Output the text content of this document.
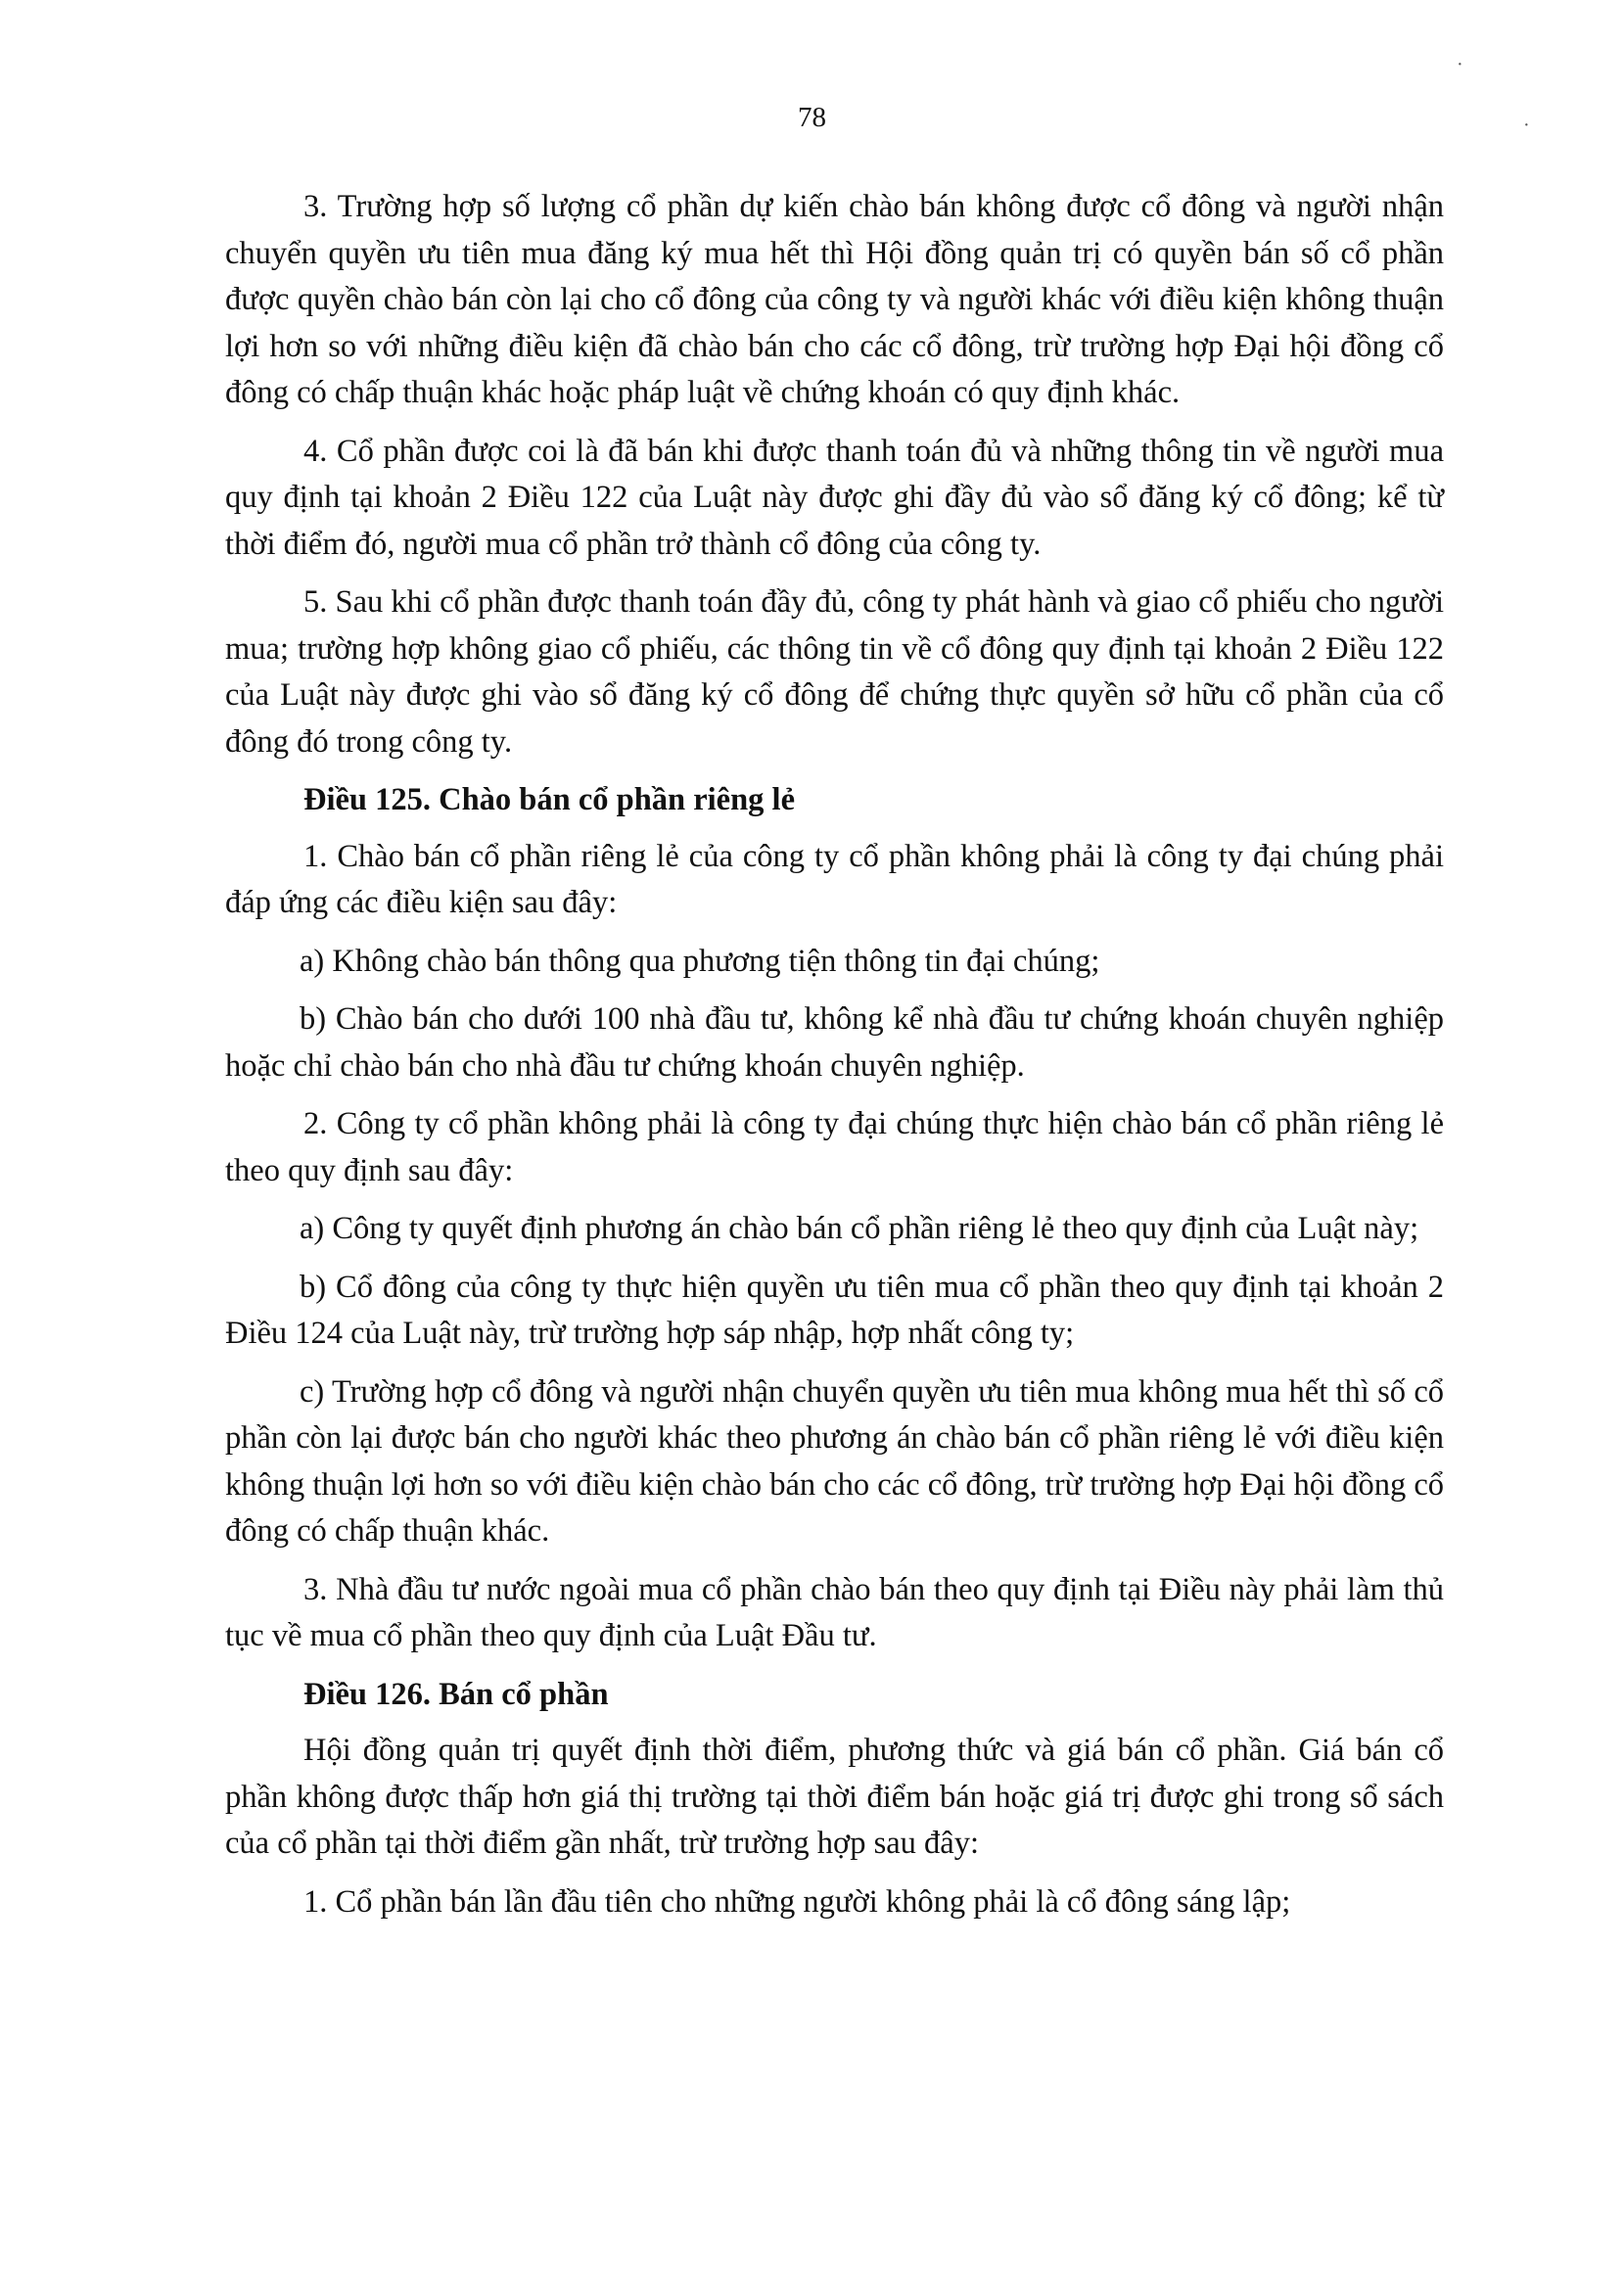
78

3. Trường hợp số lượng cổ phần dự kiến chào bán không được cổ đông và người nhận chuyển quyền ưu tiên mua đăng ký mua hết thì Hội đồng quản trị có quyền bán số cổ phần được quyền chào bán còn lại cho cổ đông của công ty và người khác với điều kiện không thuận lợi hơn so với những điều kiện đã chào bán cho các cổ đông, trừ trường hợp Đại hội đồng cổ đông có chấp thuận khác hoặc pháp luật về chứng khoán có quy định khác.

4. Cổ phần được coi là đã bán khi được thanh toán đủ và những thông tin về người mua quy định tại khoản 2 Điều 122 của Luật này được ghi đầy đủ vào sổ đăng ký cổ đông; kể từ thời điểm đó, người mua cổ phần trở thành cổ đông của công ty.

5. Sau khi cổ phần được thanh toán đầy đủ, công ty phát hành và giao cổ phiếu cho người mua; trường hợp không giao cổ phiếu, các thông tin về cổ đông quy định tại khoản 2 Điều 122 của Luật này được ghi vào sổ đăng ký cổ đông để chứng thực quyền sở hữu cổ phần của cổ đông đó trong công ty.

Điều 125. Chào bán cổ phần riêng lẻ

1. Chào bán cổ phần riêng lẻ của công ty cổ phần không phải là công ty đại chúng phải đáp ứng các điều kiện sau đây:

a) Không chào bán thông qua phương tiện thông tin đại chúng;

b) Chào bán cho dưới 100 nhà đầu tư, không kể nhà đầu tư chứng khoán chuyên nghiệp hoặc chỉ chào bán cho nhà đầu tư chứng khoán chuyên nghiệp.

2. Công ty cổ phần không phải là công ty đại chúng thực hiện chào bán cổ phần riêng lẻ theo quy định sau đây:

a) Công ty quyết định phương án chào bán cổ phần riêng lẻ theo quy định của Luật này;

b) Cổ đông của công ty thực hiện quyền ưu tiên mua cổ phần theo quy định tại khoản 2 Điều 124 của Luật này, trừ trường hợp sáp nhập, hợp nhất công ty;

c) Trường hợp cổ đông và người nhận chuyển quyền ưu tiên mua không mua hết thì số cổ phần còn lại được bán cho người khác theo phương án chào bán cổ phần riêng lẻ với điều kiện không thuận lợi hơn so với điều kiện chào bán cho các cổ đông, trừ trường hợp Đại hội đồng cổ đông có chấp thuận khác.

3. Nhà đầu tư nước ngoài mua cổ phần chào bán theo quy định tại Điều này phải làm thủ tục về mua cổ phần theo quy định của Luật Đầu tư.

Điều 126. Bán cổ phần

Hội đồng quản trị quyết định thời điểm, phương thức và giá bán cổ phần. Giá bán cổ phần không được thấp hơn giá thị trường tại thời điểm bán hoặc giá trị được ghi trong sổ sách của cổ phần tại thời điểm gần nhất, trừ trường hợp sau đây:

1. Cổ phần bán lần đầu tiên cho những người không phải là cổ đông sáng lập;

·
·
